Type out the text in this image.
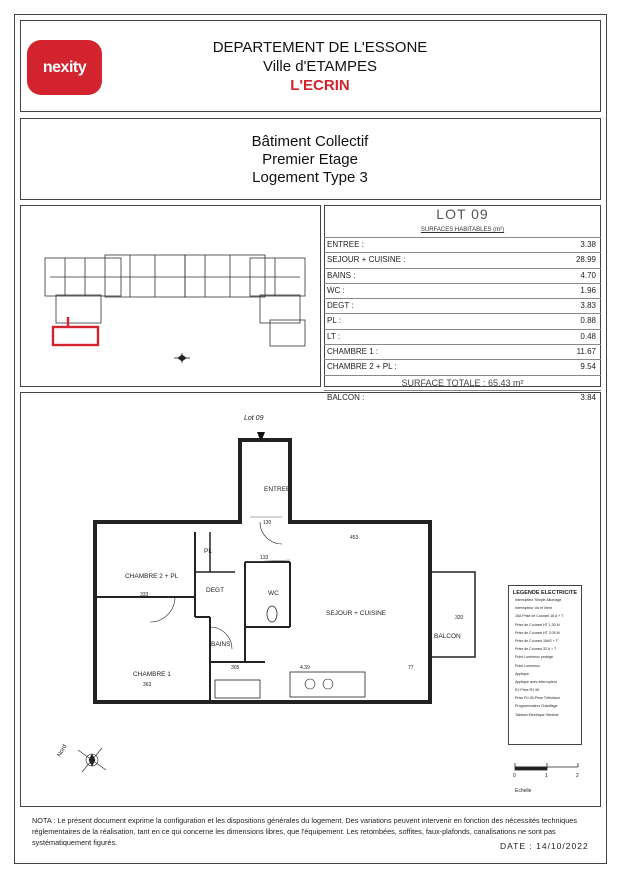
nexity
DEPARTEMENT DE L'ESSONE
Ville d'ETAMPES
L'ECRIN
Bâtiment Collectif
Premier Etage
Logement Type 3
LOT 09
SURFACES HABITABLES (m²)
ENTREE :	3.38
SEJOUR + CUISINE :	28.99
BAINS :	4.70
WC :	1.96
DEGT :	3.83
PL :	0.88
LT :	0.48
CHAMBRE 1 :	11.67
CHAMBRE 2 + PL :	9.54
SURFACE TOTALE : 65.43 m²
BALCON :	3.84
Lot 09
ENTREE
CHAMBRE 2 + PL
PL
DEGT	WC
SEJOUR + CUISINE
BALCON
BAINS
CHAMBRE 1
130
133
453
333
4.39
363
320
305	77
Nord
0	1	2
Echelle
LEGENDE ELECTRICITE
Interrupteur Simple Allumage
Interrupteur Va et Vient
16A Prise de Courant 16 A + T
Prise de Courant HT 1.30 M
Prise de Courant HT 2.05 M
Prise de Courant 16AS + T
Prise de Courant 32 A + T
Point Lumineux protégé
Point Lumineux
Applique
Applique avec interrupteur
RJ Prise RJ 45
Prise RJ 45-Prise Télévision
Programmateur Chauffage
Tableau Electrique Général
NOTA : Le présent document exprime la configuration et les dispositions générales du logement. Des variations peuvent intervenir en fonction des nécessités techniques réglementaires de la réalisation, tant en ce qui concerne les dimensions libres, que l'équipement. Les retombées, soffites, faux-plafonds, canalisations ne sont pas systématiquement figurés.	DATE : 14/10/2022
